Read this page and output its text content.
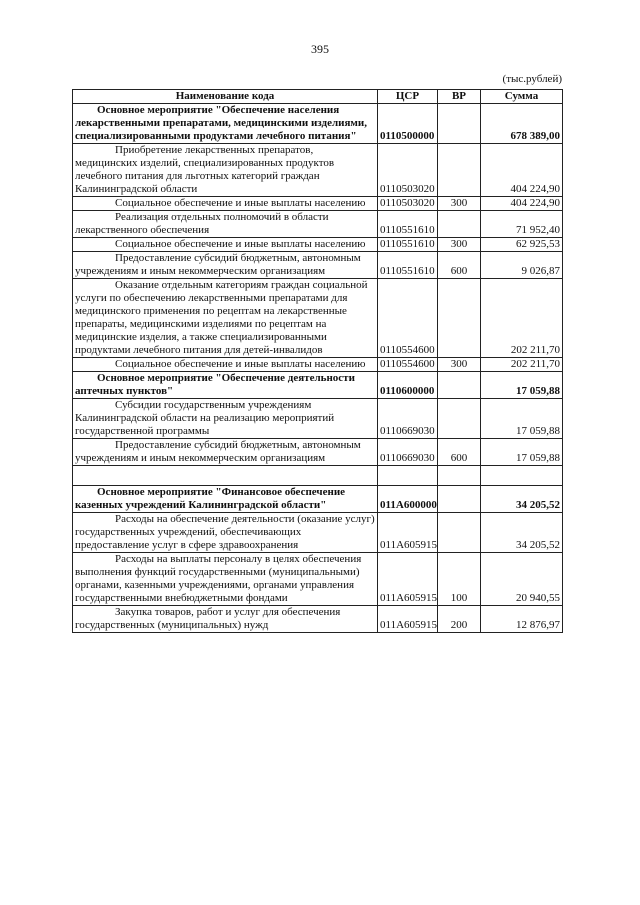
395
(тыс.рублей)
Наименование кода	ЦСР	ВР	Сумма
Основное мероприятие "Обеспечение населения лекарственными препаратами, медицинскими изделиями, специализированными продуктами лечебного питания"	0110500000		678 389,00
Приобретение лекарственных препаратов, медицинских изделий, специализированных продуктов лечебного питания для льготных категорий граждан Калининградской области	0110503020		404 224,90
Социальное обеспечение и иные выплаты населению	0110503020	300	404 224,90
Реализация отдельных полномочий в области лекарственного обеспечения	0110551610		71 952,40
Социальное обеспечение и иные выплаты населению	0110551610	300	62 925,53
Предоставление субсидий бюджетным, автономным учреждениям и иным некоммерческим организациям	0110551610	600	9 026,87
Оказание отдельным категориям граждан социальной услуги по обеспечению лекарственными препаратами для медицинского применения по рецептам на лекарственные препараты, медицинскими изделиями по рецептам на медицинские изделия, а также специализированными продуктами лечебного питания для детей-инвалидов	0110554600		202 211,70
Социальное обеспечение и иные выплаты населению	0110554600	300	202 211,70
Основное мероприятие "Обеспечение деятельности аптечных пунктов"	0110600000		17 059,88
Субсидии государственным учреждениям Калининградской области на реализацию мероприятий государственной программы	0110669030		17 059,88
Предоставление субсидий бюджетным, автономным учреждениям и иным некоммерческим организациям	0110669030	600	17 059,88

Основное мероприятие "Финансовое обеспечение казенных учреждений Калининградской области"	011А600000		34 205,52
Расходы на обеспечение деятельности (оказание услуг) государственных учреждений, обеспечивающих предоставление услуг в сфере здравоохранения	011А605915		34 205,52
Расходы на выплаты персоналу в целях обеспечения выполнения функций государственными (муниципальными) органами, казенными учреждениями, органами управления государственными внебюджетными фондами	011А605915	100	20 940,55
Закупка товаров, работ и услуг для обеспечения государственных (муниципальных) нужд	011А605915	200	12 876,97
